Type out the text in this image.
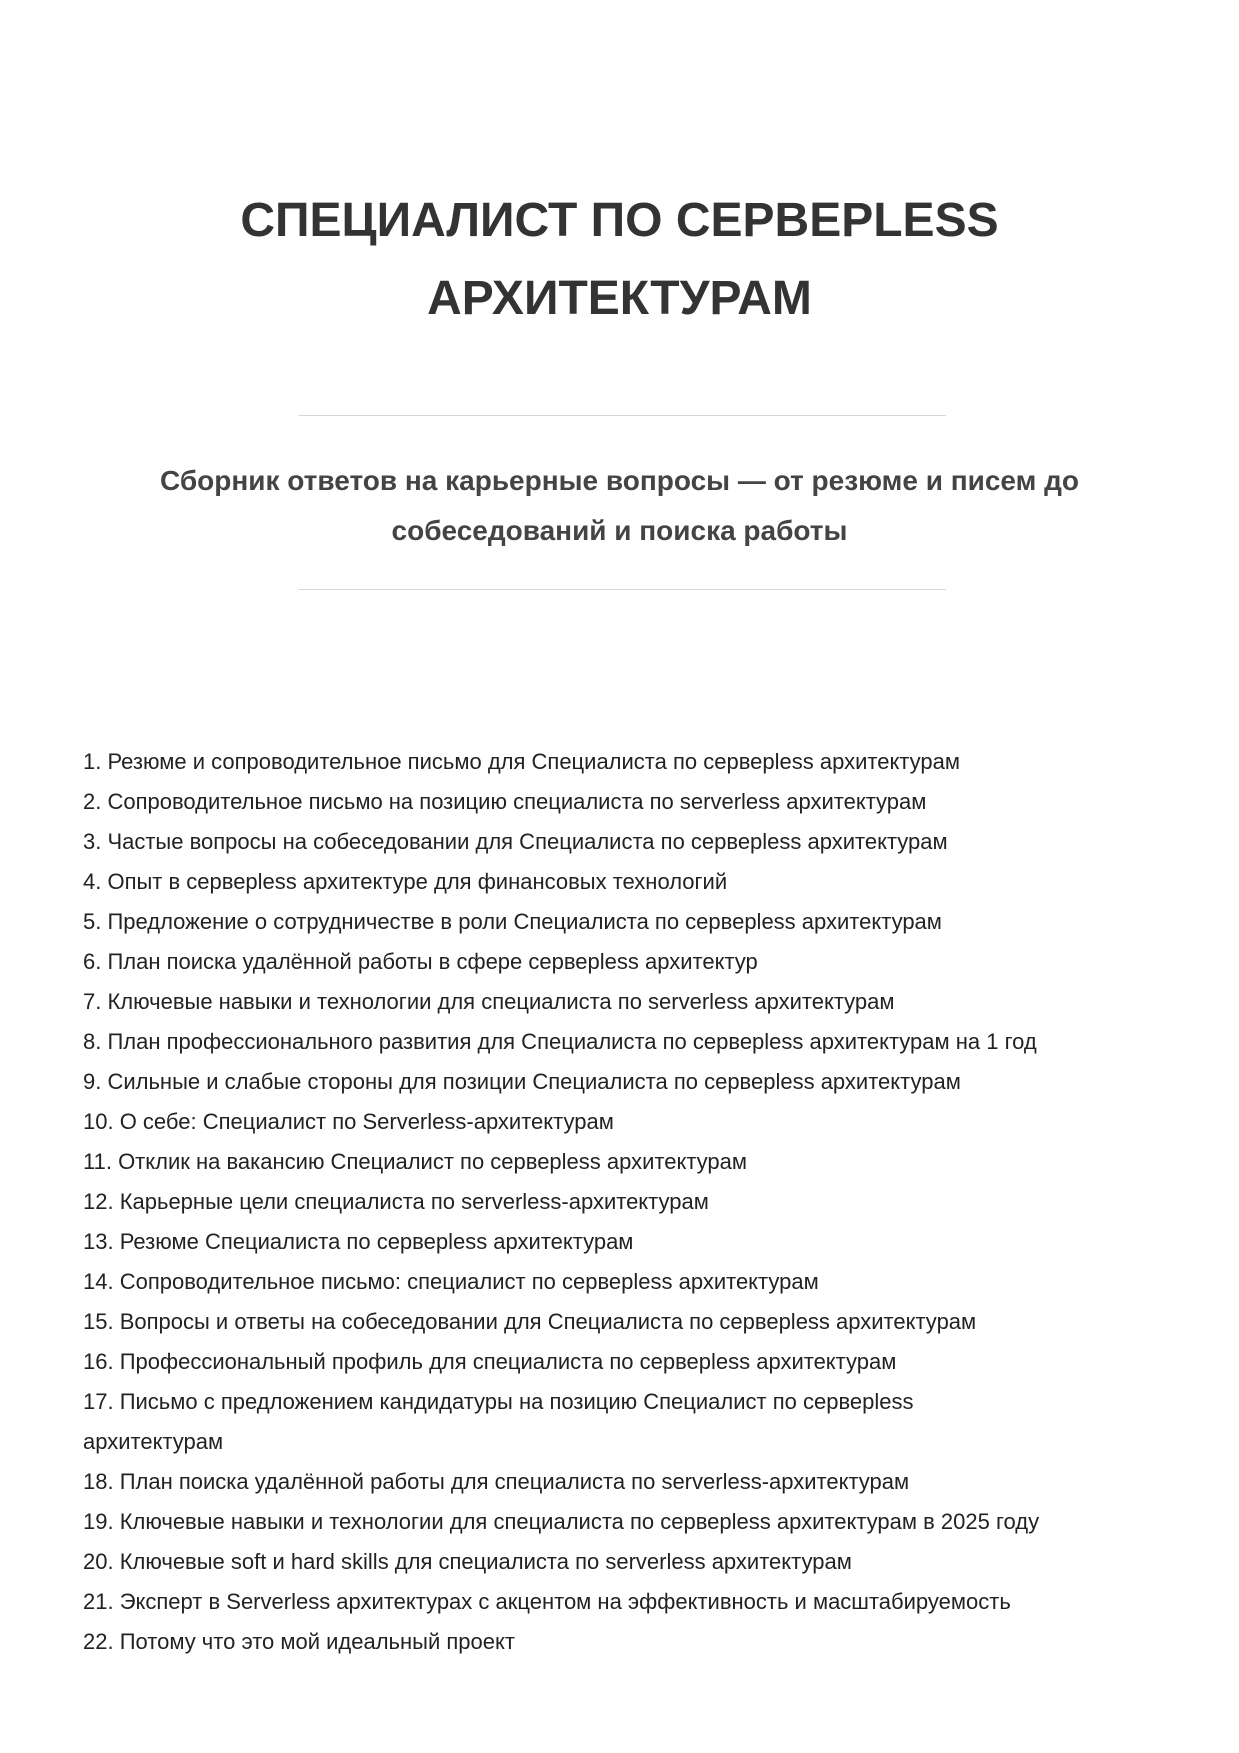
СПЕЦИАЛИСТ ПО СЕРВЕРLESS
АРХИТЕКТУРАМ

Сборник ответов на карьерные вопросы — от резюме и писем до
собеседований и поиска работы

1. Резюме и сопроводительное письмо для Специалиста по серверless архитектурам
2. Сопроводительное письмо на позицию специалиста по serverless архитектурам
3. Частые вопросы на собеседовании для Специалиста по серверless архитектурам
4. Опыт в серверless архитектуре для финансовых технологий
5. Предложение о сотрудничестве в роли Специалиста по серверless архитектурам
6. План поиска удалённой работы в сфере серверless архитектур
7. Ключевые навыки и технологии для специалиста по serverless архитектурам
8. План профессионального развития для Специалиста по серверless архитектурам на 1 год
9. Сильные и слабые стороны для позиции Специалиста по серверless архитектурам
10. О себе: Специалист по Serverless-архитектурам
11. Отклик на вакансию Специалист по серверless архитектурам
12. Карьерные цели специалиста по serverless-архитектурам
13. Резюме Специалиста по серверless архитектурам
14. Сопроводительное письмо: специалист по серверless архитектурам
15. Вопросы и ответы на собеседовании для Специалиста по серверless архитектурам
16. Профессиональный профиль для специалиста по серверless архитектурам
17. Письмо с предложением кандидатуры на позицию Специалист по серверless архитектурам
18. План поиска удалённой работы для специалиста по serverless-архитектурам
19. Ключевые навыки и технологии для специалиста по серверless архитектурам в 2025 году
20. Ключевые soft и hard skills для специалиста по serverless архитектурам
21. Эксперт в Serverless архитектурах с акцентом на эффективность и масштабируемость
22. Потому что это мой идеальный проект
